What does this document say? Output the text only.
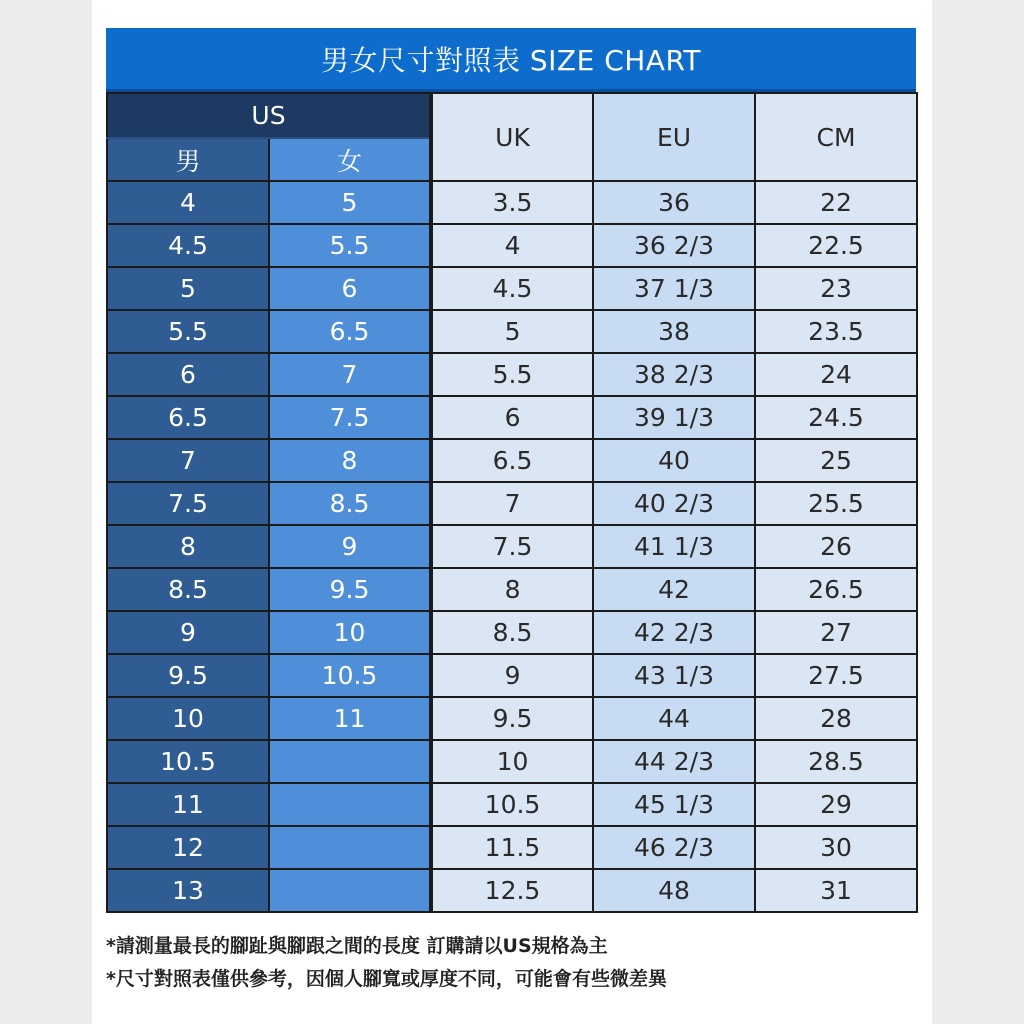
男女尺寸對照表 SIZE CHART
US		UK	EU	CM
男	女			
4	5	3.5	36	22
4.5	5.5	4	36 2/3	22.5
5	6	4.5	37 1/3	23
5.5	6.5	5	38	23.5
6	7	5.5	38 2/3	24
6.5	7.5	6	39 1/3	24.5
7	8	6.5	40	25
7.5	8.5	7	40 2/3	25.5
8	9	7.5	41 1/3	26
8.5	9.5	8	42	26.5
9	10	8.5	42 2/3	27
9.5	10.5	9	43 1/3	27.5
10	11	9.5	44	28
10.5		10	44 2/3	28.5
11		10.5	45 1/3	29
12		11.5	46 2/3	30
13		12.5	48	31
*請測量最長的腳趾與腳跟之間的長度 訂購請以US規格為主
*尺寸對照表僅供參考，因個人腳寬或厚度不同，可能會有些微差異
